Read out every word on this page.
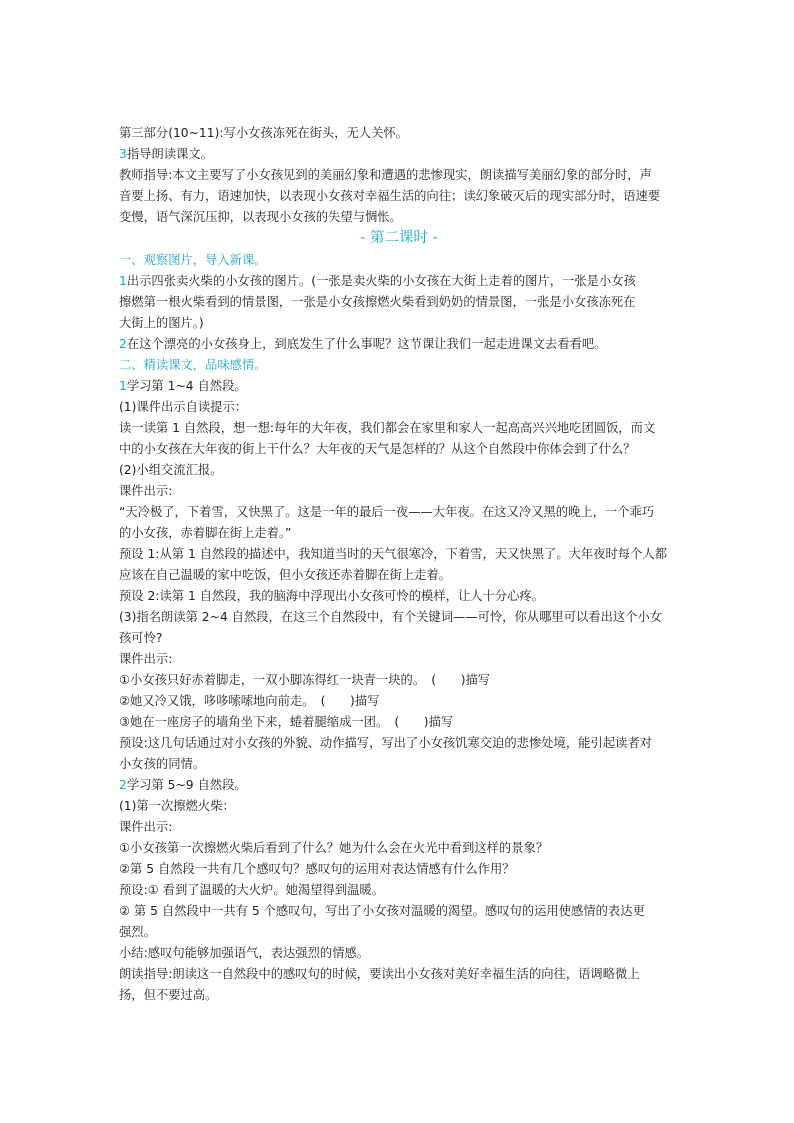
第三部分(10~11):写小女孩冻死在街头，无人关怀。
3指导朗读课文。
教师指导:本文主要写了小女孩见到的美丽幻象和遭遇的悲惨现实，朗读描写美丽幻象的部分时，声
音要上扬、有力，语速加快，以表现小女孩对幸福生活的向往；读幻象破灭后的现实部分时，语速要
变慢，语气深沉压抑，以表现小女孩的失望与惆怅。
- 第二课时 -
一、观察图片，导入新课。
1出示四张卖火柴的小女孩的图片。(一张是卖火柴的小女孩在大街上走着的图片，一张是小女孩
擦燃第一根火柴看到的情景图，一张是小女孩擦燃火柴看到奶奶的情景图，一张是小女孩冻死在
大街上的图片。)
2在这个漂亮的小女孩身上，到底发生了什么事呢？这节课让我们一起走进课文去看看吧。
二、精读课文，品味感情。
1学习第 1~4 自然段。
(1)课件出示自读提示：
读一读第 1 自然段，想一想:每年的大年夜，我们都会在家里和家人一起高高兴兴地吃团圆饭，而文
中的小女孩在大年夜的街上干什么？大年夜的天气是怎样的？从这个自然段中你体会到了什么？
(2)小组交流汇报。
课件出示:
“天冷极了，下着雪，又快黑了。这是一年的最后一夜——大年夜。在这又冷又黑的晚上，一个乖巧
的小女孩，赤着脚在街上走着。”
预设 1:从第 1 自然段的描述中，我知道当时的天气很寒冷，下着雪，天又快黑了。大年夜时每个人都
应该在自己温暖的家中吃饭，但小女孩还赤着脚在街上走着。
预设 2:读第 1 自然段，我的脑海中浮现出小女孩可怜的模样，让人十分心疼。
(3)指名朗读第 2~4 自然段，在这三个自然段中，有个关键词——可怜，你从哪里可以看出这个小女
孩可怜?
课件出示:
①小女孩只好赤着脚走，一双小脚冻得红一块青一块的。　(　　)描写
②她又冷又饿，哆哆嗦嗦地向前走。　(　　)描写
③她在一座房子的墙角坐下来，蜷着腿缩成一团。　(　　)描写
预设:这几句话通过对小女孩的外貌、动作描写，写出了小女孩饥寒交迫的悲惨处境，能引起读者对
小女孩的同情。
2学习第 5~9 自然段。
(1)第一次擦燃火柴：
课件出示:
①小女孩第一次擦燃火柴后看到了什么？她为什么会在火光中看到这样的景象？
②第 5 自然段一共有几个感叹句？感叹句的运用对表达情感有什么作用？
预设:① 看到了温暖的大火炉。她渴望得到温暖。
② 第 5 自然段中一共有 5 个感叹句，写出了小女孩对温暖的渴望。感叹句的运用使感情的表达更
强烈。
小结:感叹句能够加强语气，表达强烈的情感。
朗读指导:朗读这一自然段中的感叹句的时候，要读出小女孩对美好幸福生活的向往，语调略微上
扬，但不要过高。
